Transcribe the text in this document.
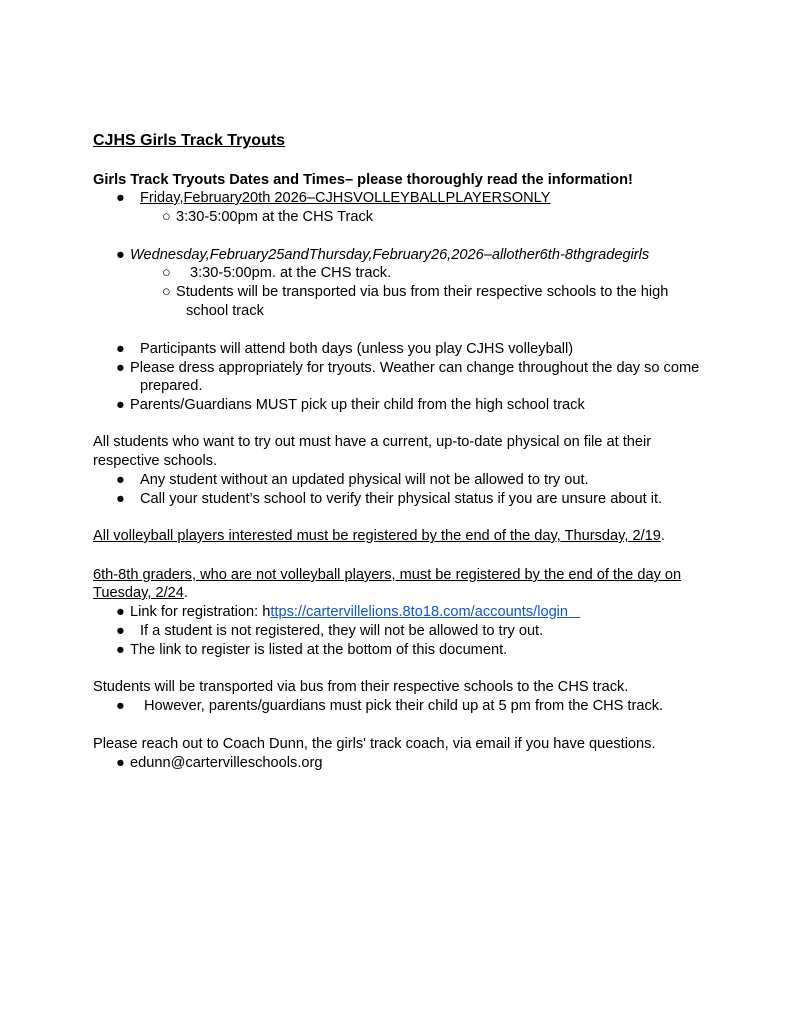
CJHS Girls Track Tryouts
Girls Track Tryouts Dates and Times– please thoroughly read the information!
● Friday,February20th 2026–CJHSVOLLEYBALLPLAYERSONLY

○ 3:30-5:00pm at the CHS Track
● Wednesday,February25andThursday,February26,2026–allother6th-8thgradegirls
○ 3:30-5:00pm. at the CHS track.
○ Students will be transported via bus from their respective schools to the high
school track
● Participants will attend both days (unless you play CJHS volleyball)
● Please dress appropriately for tryouts. Weather can change throughout the day so come
prepared.
● Parents/Guardians MUST pick up their child from the high school track
All students who want to try out must have a current, up-to-date physical on file at their
respective schools.
● Any student without an updated physical will not be allowed to try out.
● Call your student’s school to verify their physical status if you are unsure about it.
All volleyball players interested must be registered by the end of the day, Thursday, 2/19.
6th-8th graders, who are not volleyball players, must be registered by the end of the day on
Tuesday, 2/24.
● Link for registration: https://cartervillelions.8to18.com/accounts/login
● If a student is not registered, they will not be allowed to try out.
● The link to register is listed at the bottom of this document.
Students will be transported via bus from their respective schools to the CHS track.
● However, parents/guardians must pick their child up at 5 pm from the CHS track.
Please reach out to Coach Dunn, the girls' track coach, via email if you have questions.
● edunn@cartervilleschools.org
